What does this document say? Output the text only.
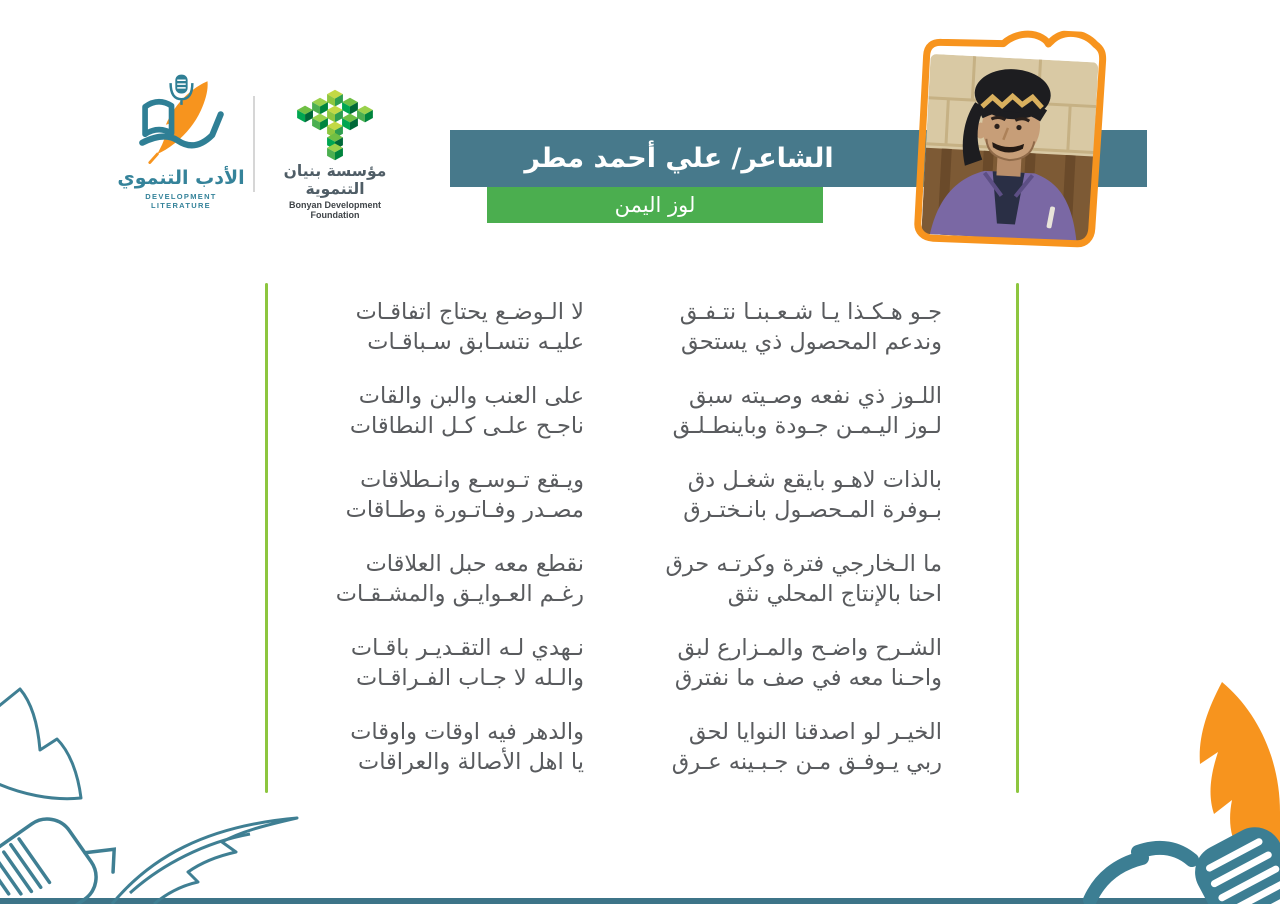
الأدب التنموي
DEVELOPMENT LITERATURE
مؤسسة بنيان التنموية
Bonyan Development Foundation
الشاعر/ علي أحمد مطر
لوز اليمن
جـو هـكـذا يـا شـعـبنـا نتـفـق
وندعم المحصول ذي يستحق
اللـوز ذي نفعه وصـيته سبق
لـوز اليـمـن جـودة وباينطـلـق
بالذات لاهـو بايقع شغـل دق
بـوفرة المـحصـول بانـختـرق
ما الـخارجي فترة وكرتـه حرق
احنا بالإنتاج المحلي نثق
الشـرح واضـح والمـزارع لبق
واحـنا معه في صف ما نفترق
الخيـر لو اصدقنا النوايا لحق
ربي يـوفـق مـن جـبـينه عـرق
لا الـوضـع يحتاج اتفاقـات
عليـه نتسـابق سـباقـات
على العنب والبن والقات
ناجـح علـى كـل النطاقات
ويـقع تـوسـع وانـطلاقات
مصـدر وفـاتـورة وطـاقات
نقطع معه حبل العلاقات
رغـم العـوايـق والمشـقـات
نـهدي لـه التقـديـر باقـات
والـله لا جـاب الفـراقـات
والدهر فيه اوقات واوقات
يا اهل الأصالة والعراقات
